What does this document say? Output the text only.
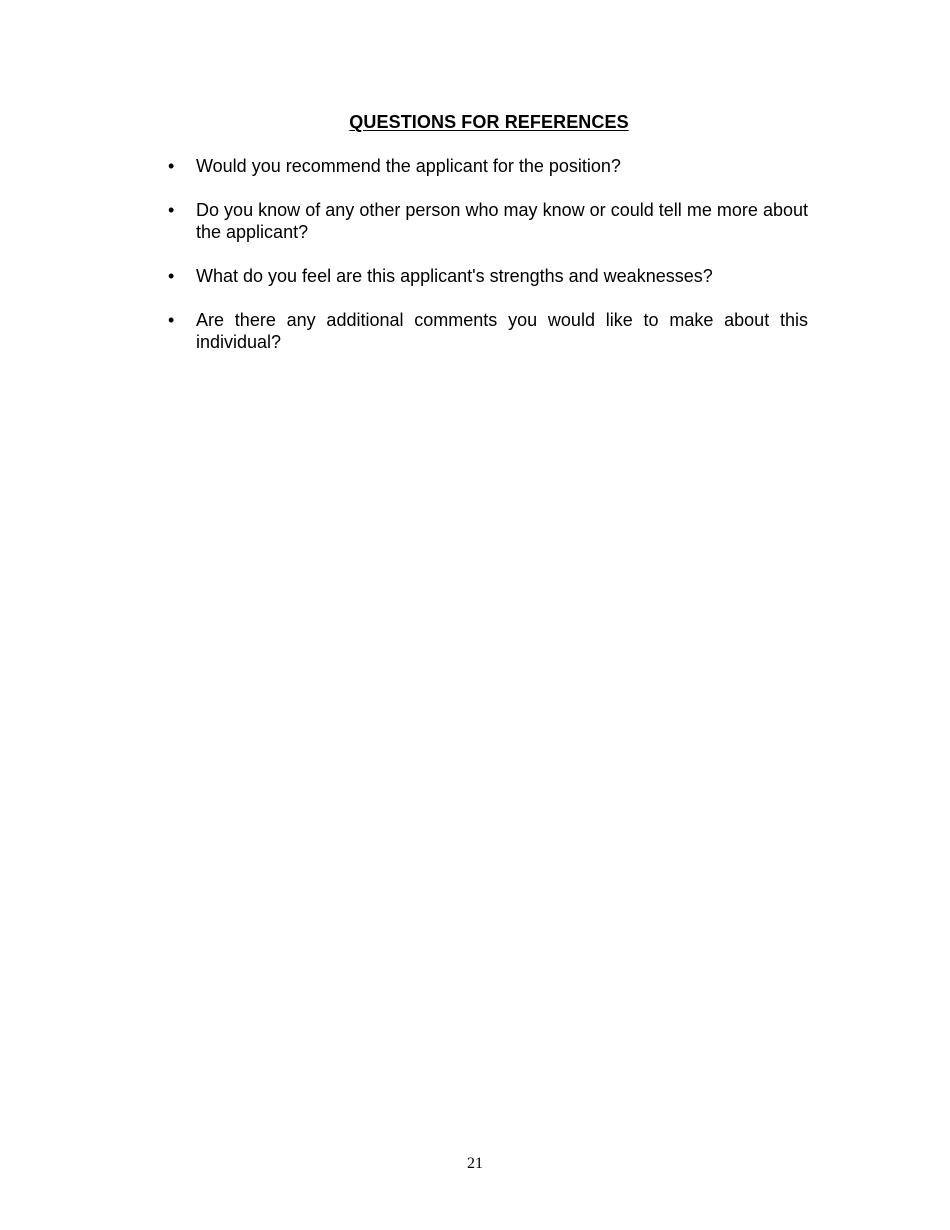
QUESTIONS FOR REFERENCES
•	Would you recommend the applicant for the position?
•	Do you know of any other person who may know or could tell me more about the applicant?
•	What do you feel are this applicant's strengths and weaknesses?
•	Are there any additional comments you would like to make about this individual?
21
